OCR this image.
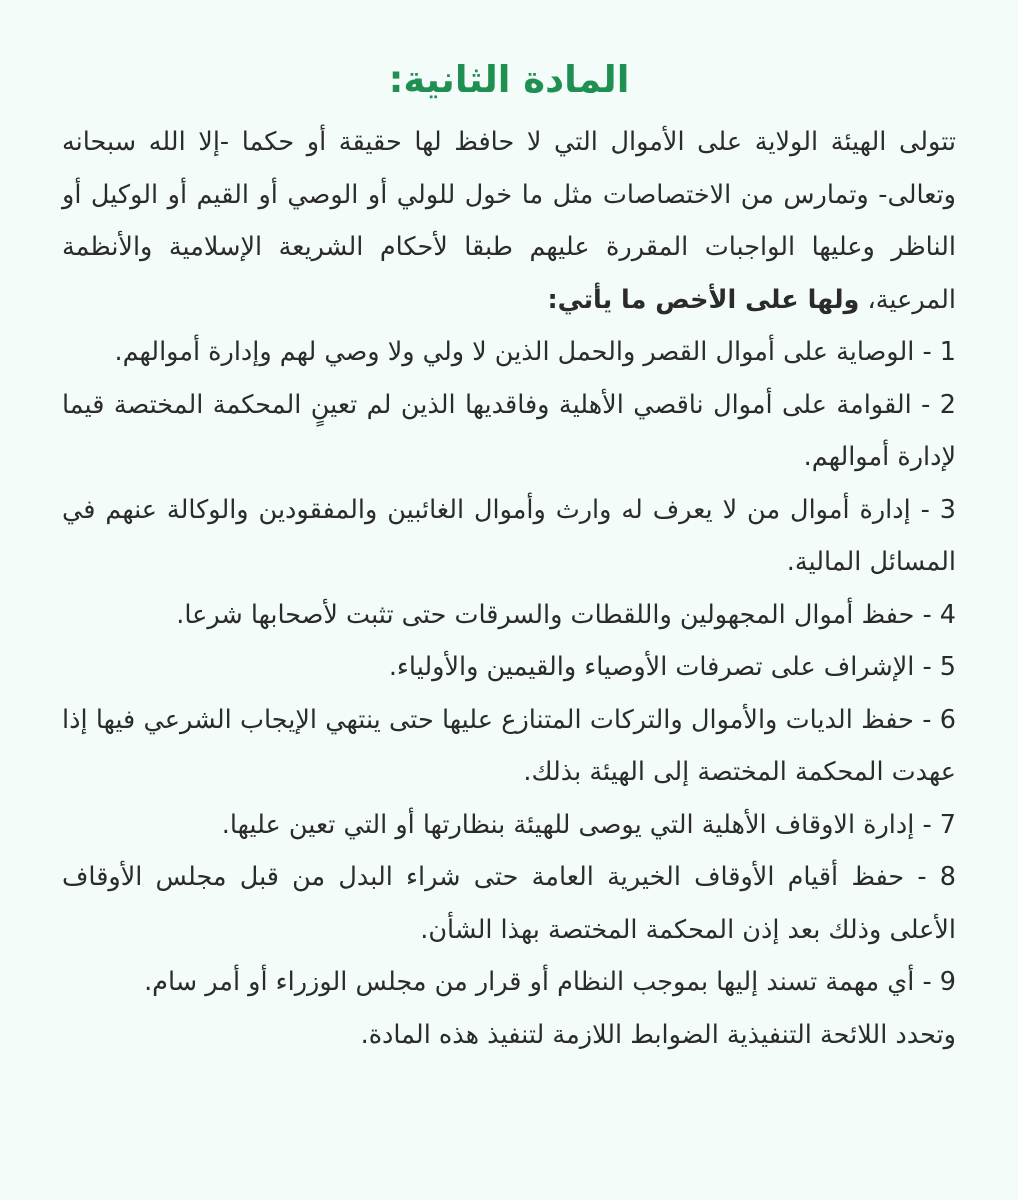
المادة الثانية:

تتولى الهيئة الولاية على الأموال التي لا حافظ لها حقيقة أو حكما -إلا الله سبحانه وتعالى- وتمارس من الاختصاصات مثل ما خول للولي أو الوصي أو القيم أو الوكيل أو الناظر وعليها الواجبات المقررة عليهم طبقا لأحكام الشريعة الإسلامية والأنظمة المرعية، ولها على الأخص ما يأتي:

1 - الوصاية على أموال القصر والحمل الذين لا ولي ولا وصي لهم وإدارة أموالهم.

2 - القوامة على أموال ناقصي الأهلية وفاقديها الذين لم تعينٍ المحكمة المختصة قيما لإدارة أموالهم.

3 - إدارة أموال من لا يعرف له وارث وأموال الغائبين والمفقودين والوكالة عنهم في المسائل المالية.

4 - حفظ أموال المجهولين واللقطات والسرقات حتى تثبت لأصحابها شرعا.

5 - الإشراف على تصرفات الأوصياء والقيمين والأولياء.

6 - حفظ الديات والأموال والتركات المتنازع عليها حتى ينتهي الإيجاب الشرعي فيها إذا عهدت المحكمة المختصة إلى الهيئة بذلك.

7 - إدارة الاوقاف الأهلية التي يوصى للهيئة بنظارتها أو التي تعين عليها.

8 - حفظ أقيام الأوقاف الخيرية العامة حتى شراء البدل من قبل مجلس الأوقاف الأعلى وذلك بعد إذن المحكمة المختصة بهذا الشأن.

9 - أي مهمة تسند إليها بموجب النظام أو قرار من مجلس الوزراء أو أمر سام.

وتحدد اللائحة التنفيذية الضوابط اللازمة لتنفيذ هذه المادة.
